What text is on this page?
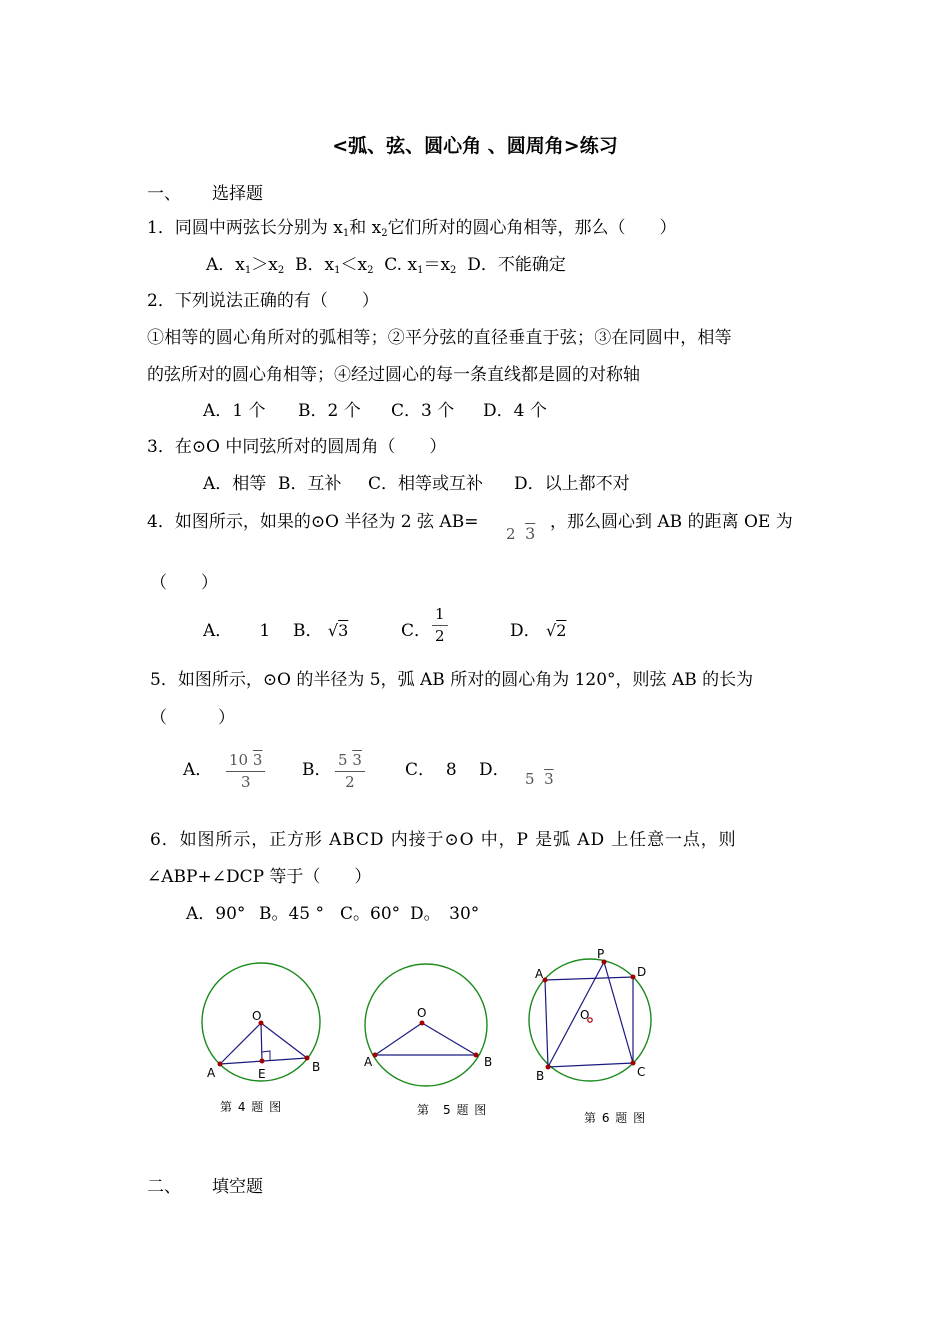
<弧、弦、圆心角 、圆周角>练习
一、 选择题
1．同圆中两弦长分别为 $x_1$和 $x_2$它们所对的圆心角相等，那么（　　）
A．$x_1>x_2$ B．$x_1<x_2$ C. $x_1=x_2$ D．不能确定
2．下列说法正确的有（　　）
①相等的圆心角所对的弧相等；②平分弦的直径垂直于弦；③在同圆中，相等
的弦所对的圆心角相等；④经过圆心的每一条直线都是圆的对称轴
A．1 个 B．2 个 C．3 个 D．4 个
3．在⊙O 中同弦所对的圆周角（　　）
A．相等 B．互补 C．相等或互补 D．以上都不对
4．如图所示，如果的⊙O 半径为 2 弦 AB=
2 3
，那么圆心到 AB 的距离 OE 为
（　　）
A． 1 B． √3	C． $\frac{1}{2}$	D． √2
5．如图所示，⊙O 的半径为 5，弧 AB 所对的圆心角为 120°，则弦 AB 的长为
（　　　）
A． $\frac{10 3}{3}$ B． $\frac{5 3}{2}$ C． 8 D． 5 3
6．如图所示，正方形 ABCD 内接于⊙O 中，P 是弧 AD 上任意一点，则
∠ABP+∠DCP 等于（　　）
A．90° B。45 ° C。60° D。　30°
O
A	B
E
O
A	B
P
A	D
O
B	C
第 4 题 图	第　5 题 图
第 6 题 图
二、 填空题
